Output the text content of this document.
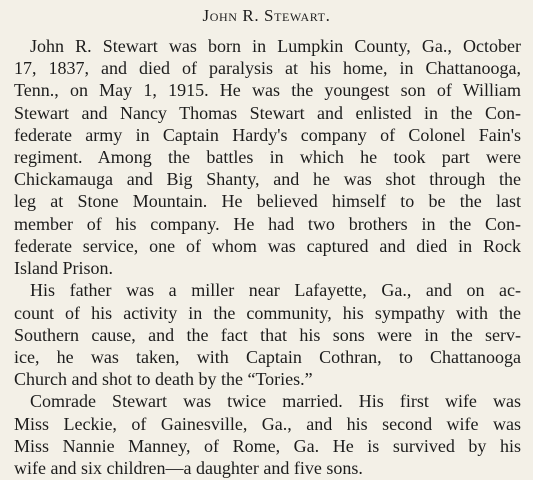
John R. Stewart.
John R. Stewart was born in Lumpkin County, Ga., October
17, 1837, and died of paralysis at his home, in Chattanooga,
Tenn., on May 1, 1915. He was the youngest son of William
Stewart and Nancy Thomas Stewart and enlisted in the Con-
federate army in Captain Hardy's company of Colonel Fain's
regiment. Among the battles in which he took part were
Chickamauga and Big Shanty, and he was shot through the
leg at Stone Mountain. He believed himself to be the last
member of his company. He had two brothers in the Con-
federate service, one of whom was captured and died in Rock
Island Prison.
His father was a miller near Lafayette, Ga., and on ac-
count of his activity in the community, his sympathy with the
Southern cause, and the fact that his sons were in the serv-
ice, he was taken, with Captain Cothran, to Chattanooga
Church and shot to death by the “Tories.”
Comrade Stewart was twice married. His first wife was
Miss Leckie, of Gainesville, Ga., and his second wife was
Miss Nannie Manney, of Rome, Ga. He is survived by his
wife and six children—a daughter and five sons.
